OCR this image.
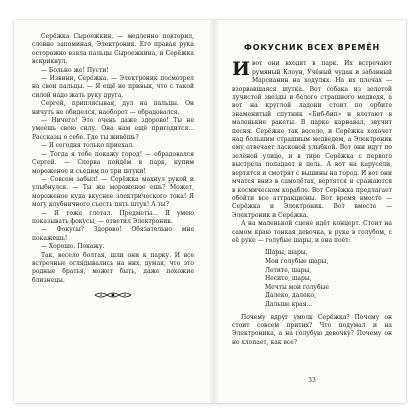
Серёжка Сыроежкин, — медленно повторил, словно запоминая, Электроник. Его правая рука осторожно взяла пальцы Сыроежкина, и Серёжка вскрикнул.

— Больно же! Пусти!

— Извини, Серёжка. — Электроник посмотрел на свои пальцы. — Я ещё не привык, что с такой силой надо жать руку друга.

Сергей, приплясывая, дул на пальцы. Он ничуть не обиделся, наоборот — обрадовался.

— Ничего! Это очень даже здорово! Ты не умеешь свою силу. Она нам ещё пригодится... Рассказы о себе. Где ты живёшь?

— Я сегодня только приехал.

— Тогда я тебе покажу город! — обрадовался Сергей. — Сперва пойдём в парк, купим мороженое и съедим по три штуки!

— Совсем забыл! — Серёжка махнул рукой и улыбнулся. — Ты же мороженое ешь? Может, мороженое куда вкуснее электрического тока! Я могу клубничного съесть пять штук! А ты?

— Я тоже глотал. Предметы... Я умею показывать фокусы, — ответил Электроник.

— Фокусы? Здорово! Обязательно мне покажешь!

— Хорошо. Покажу.

Так, весело болтая, шли они к парку. И все встречные оглядывались на них, думая, что это родные братья, может быть, даже похожие близнецы.

ФОКУСНИК ВСЕХ ВРЕМЁН

Ивот они входят в парк. Их встречают румяный Клоун, Учёный чудак и забавный Марсианин на ходулях. На их плечах — взорвавшаяся шутка. Вот собака из золотой лучистой звезды и белого страшного медведя, а вот на круглой ладони стоит по орбите знаменитый спутник «Биб-бип» и влетают в маленькие ракеты. В парке карнавал, звучит песня. Серёжке так весело, и Серёжка хохочет над большим страшным медведем, а Электроник ему отвечает ласковой улыбкой. Вот они идут по зелёной улице, и в тире Серёжка с первого выстрела попадает в цель. А вот на карусели, вертятся и смотрят с вышины на город. И вот они мчатся вниз в самолётах, вертятся и сражаются в космическом корабле. Вот Серёжка предлагает обойти все аттракционы. Вот время вместе — Серёжка и Электроник. Вот вместе — Электроник и Серёжка.

А на маленькой сцене идёт концерт. Стоит на самом краю тонкая девочка, в руке в голубом, с её руке — голубые шары, и она поёт:

Шары, шары,
Мои голубые шары,
Летите, шары,
Несите, шары,
Мечты мои голубые
Далеко, далеко,
Дальше края...

Почему вдруг умолк Серёжка? Почему он стоит совсем притих? Что подумал и на Электроника, а на голубую девочку? Почему он не хлопает, как все?

33
